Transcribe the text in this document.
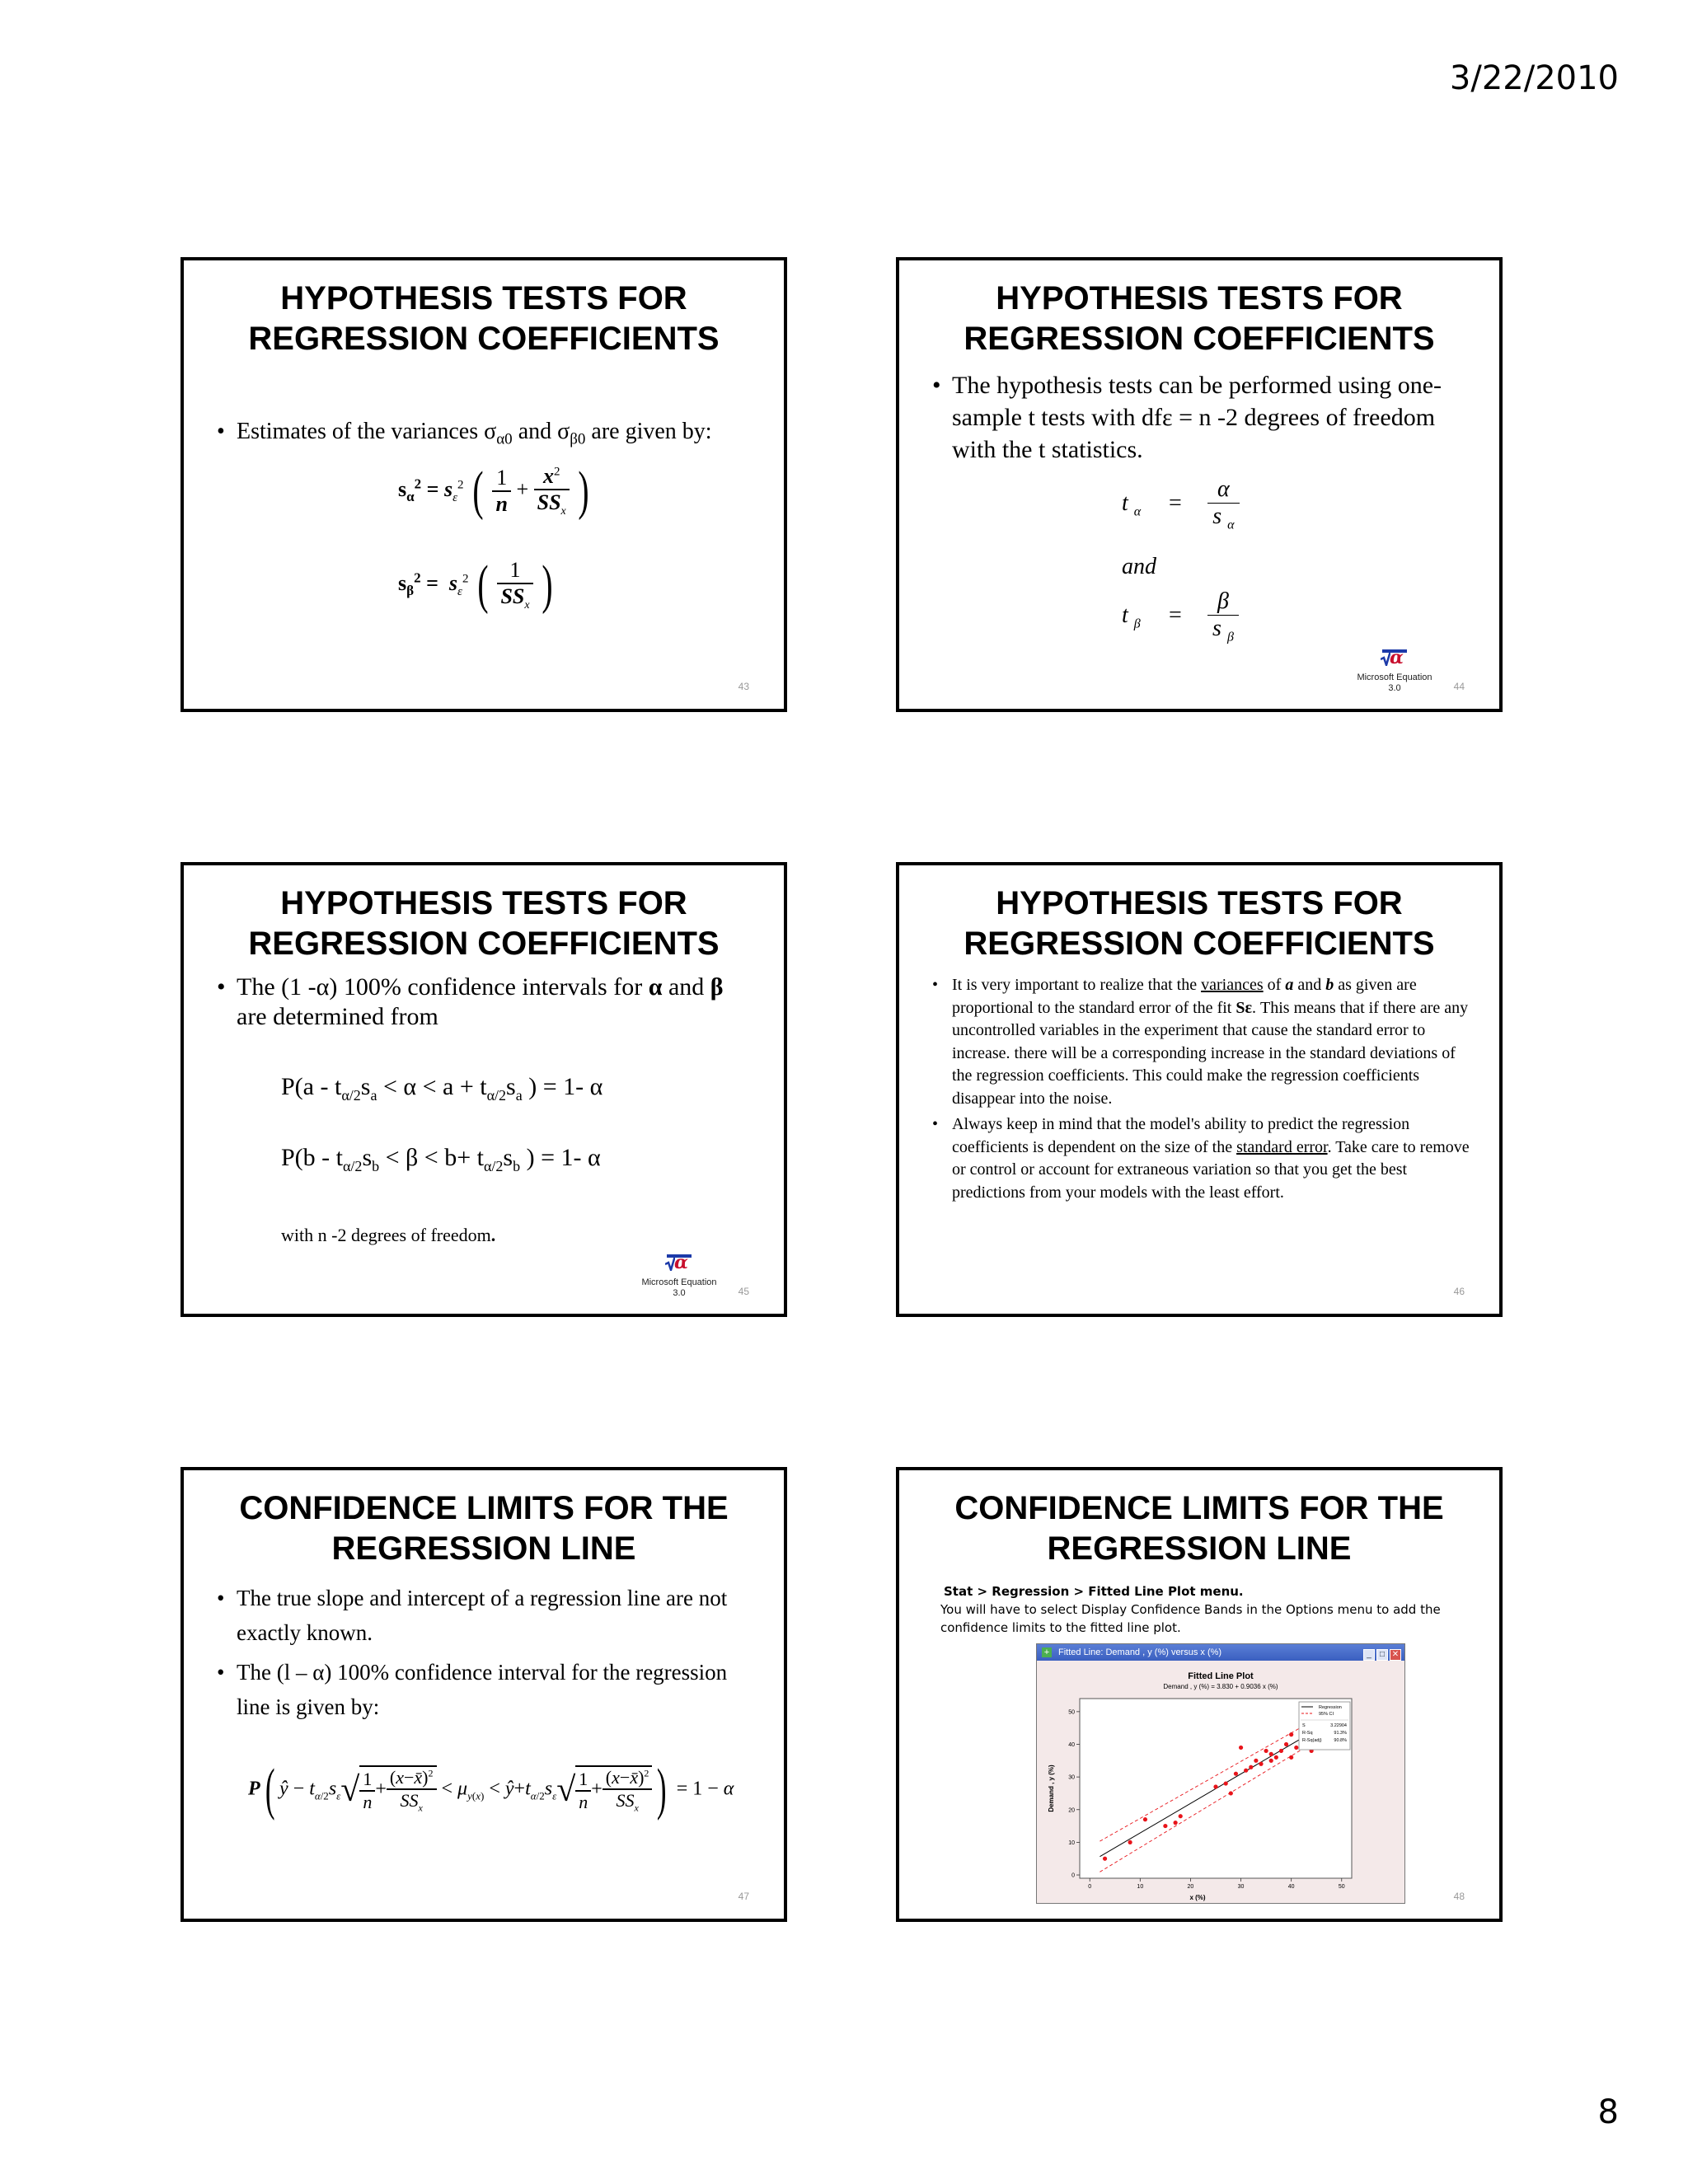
3/22/2010
HYPOTHESIS TESTS FOR
REGRESSION COEFFICIENTS
• Estimates of the variances $\sigma_{\alpha 0}$ and $\sigma_{\beta 0}$ are given by:
$s_\alpha^2 = s_\varepsilon^2$ ( $\frac{1}{n} + \frac{x^2}{SS_x}$ )
$s_\beta^2 = s_\varepsilon^2$ ( $\frac{1}{SS_x}$ )
43
HYPOTHESIS TESTS FOR
REGRESSION COEFFICIENTS
• The hypothesis tests can be performed using one-sample t tests with dfε = n -2 degrees of freedom with the t statistics.
t $_\alpha = \frac{\alpha}{s _\alpha}$
and
t $_\beta = \frac{\beta}{s _\beta}$
α

Microsoft Equation
3.0	44
HYPOTHESIS TESTS FOR
REGRESSION COEFFICIENTS
• The (1 -α) 100% confidence intervals for α and β are determined from
$P(a - t_{\alpha/2}s_a < \alpha < a + t_{\alpha/2}s_a$ ) = 1- α
$P(b - t_{\alpha/2}s_b < \beta < b+ t_{\alpha/2}s_b$ ) = 1- α
with n -2 degrees of freedom.
α

Microsoft Equation
3.0	45
HYPOTHESIS TESTS FOR
REGRESSION COEFFICIENTS
• It is very important to realize that the variances of a and b as given are proportional to the standard error of the fit Sε. This means that if there are any uncontrolled variables in the experiment that cause the standard error to increase. there will be a corresponding increase in the standard deviations of the regression coefficients. This could make the regression coefficients disappear into the noise.
• Always keep in mind that the model's ability to predict the regression coefficients is dependent on the size of the standard error. Take care to remove or control or account for extraneous variation so that you get the best predictions from your models with the least effort.
46
CONFIDENCE LIMITS FOR THE
REGRESSION LINE
• The true slope and intercept of a regression line are not exactly known.
• The (l – α) 100% confidence interval for the regression line is given by:
P( ŷ − $t_{\alpha/2}s_\varepsilon√ \frac{1}{n} + \frac{(x-x̄)^2}{SS_x} < \mu_{y(x)}$ < $ŷ+t_{\alpha/2}s_\varepsilon√ \frac{1}{n} + \frac{(x-x̄)^2}{SS_x}$ ) = 1 − α
47
CONFIDENCE LIMITS FOR THE
REGRESSION LINE
Stat > Regression > Fitted Line Plot menu.
You will have to select Display Confidence Bands in the Options menu to add the confidence limits to the fitted line plot.
+ Fitted Line: Demand , y (%) versus x (%)	_ □ ✕
Fitted Line Plot
Demand , y (%) = 3.830 + 0.9036 x (%)
0	10	20	30	40	50
0
10
20
30
40
50
x (%)
Demand , y (%)
Regression
95% CI
S	3.22904
R-Sq	91.3%
R-Sq(adj)	90.8%
48
8
